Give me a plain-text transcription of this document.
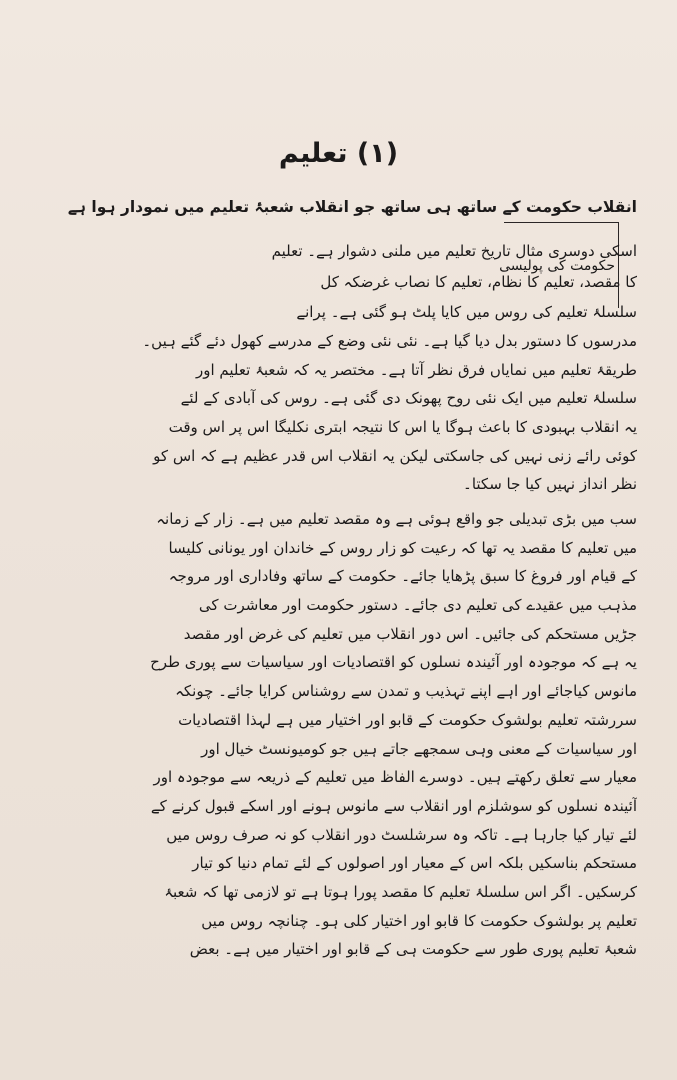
(۱) تعلیم
انقلاب حکومت کے ساتھ ہی ساتھ جو انقلاب شعبۂ تعلیم میں نمودار ہوا ہے
حکومت کی پولیسی
اسکی دوسری مثال تاریخ تعلیم میں ملنی دشوار ہے۔ تعلیم
کا مقصد، تعلیم کا نظام، تعلیم کا نصاب غرضکہ کل
سلسلۂ تعلیم کی روس میں کایا پلٹ ہو گئی ہے۔ پرانے
مدرسوں کا دستور بدل دیا گیا ہے۔ نئی نئی وضع کے مدرسے کھول دئے گئے ہیں۔
طریقۂ تعلیم میں نمایاں فرق نظر آتا ہے۔ مختصر یہ کہ شعبۂ تعلیم اور
سلسلۂ تعلیم میں ایک نئی روح پھونک دی گئی ہے۔ روس کی آبادی کے لئے
یہ انقلاب بہبودی کا باعث ہوگا یا اس کا نتیجہ ابتری نکلیگا اس پر اس وقت
کوئی رائے زنی نہیں کی جاسکتی لیکن یہ انقلاب اس قدر عظیم ہے کہ اس کو
نظر انداز نہیں کیا جا سکتا۔
سب میں بڑی تبدیلی جو واقع ہوئی ہے وہ مقصد تعلیم میں ہے۔ زار کے زمانہ
میں تعلیم کا مقصد یہ تھا کہ رعیت کو زار روس کے خاندان اور یونانی کلیسا
کے قیام اور فروغ کا سبق پڑھایا جائے۔ حکومت کے ساتھ وفاداری اور مروجہ
مذہب میں عقیدے کی تعلیم دی جائے۔ دستور حکومت اور معاشرت کی
جڑیں مستحکم کی جائیں۔ اس دور انقلاب میں تعلیم کی غرض اور مقصد
یہ ہے کہ موجودہ اور آئیندہ نسلوں کو اقتصادیات اور سیاسیات سے پوری طرح
مانوس کیاجائے اور اہے اپنے تہذیب و تمدن سے روشناس کرایا جائے۔ چونکہ
سررشتہ تعلیم بولشوک حکومت کے قابو اور اختیار میں ہے لہذا اقتصادیات
اور سیاسیات کے معنی وہی سمجھے جاتے ہیں جو کومیونسٹ خیال اور
معیار سے تعلق رکھتے ہیں۔ دوسرے الفاظ میں تعلیم کے ذریعہ سے موجودہ اور
آئیندہ نسلوں کو سوشلزم اور انقلاب سے مانوس ہونے اور اسکے قبول کرنے کے
لئے تیار کیا جارہا ہے۔ تاکہ وہ سرشلسٹ دور انقلاب کو نہ صرف روس میں
مستحکم بناسکیں بلکہ اس کے معیار اور اصولوں کے لئے تمام دنیا کو تیار
کرسکیں۔ اگر اس سلسلۂ تعلیم کا مقصد پورا ہوتا ہے تو لازمی تھا کہ شعبۂ
تعلیم پر بولشوک حکومت کا قابو اور اختیار کلی ہو۔ چنانچہ روس میں
شعبۂ تعلیم پوری طور سے حکومت ہی کے قابو اور اختیار میں ہے۔ بعض
